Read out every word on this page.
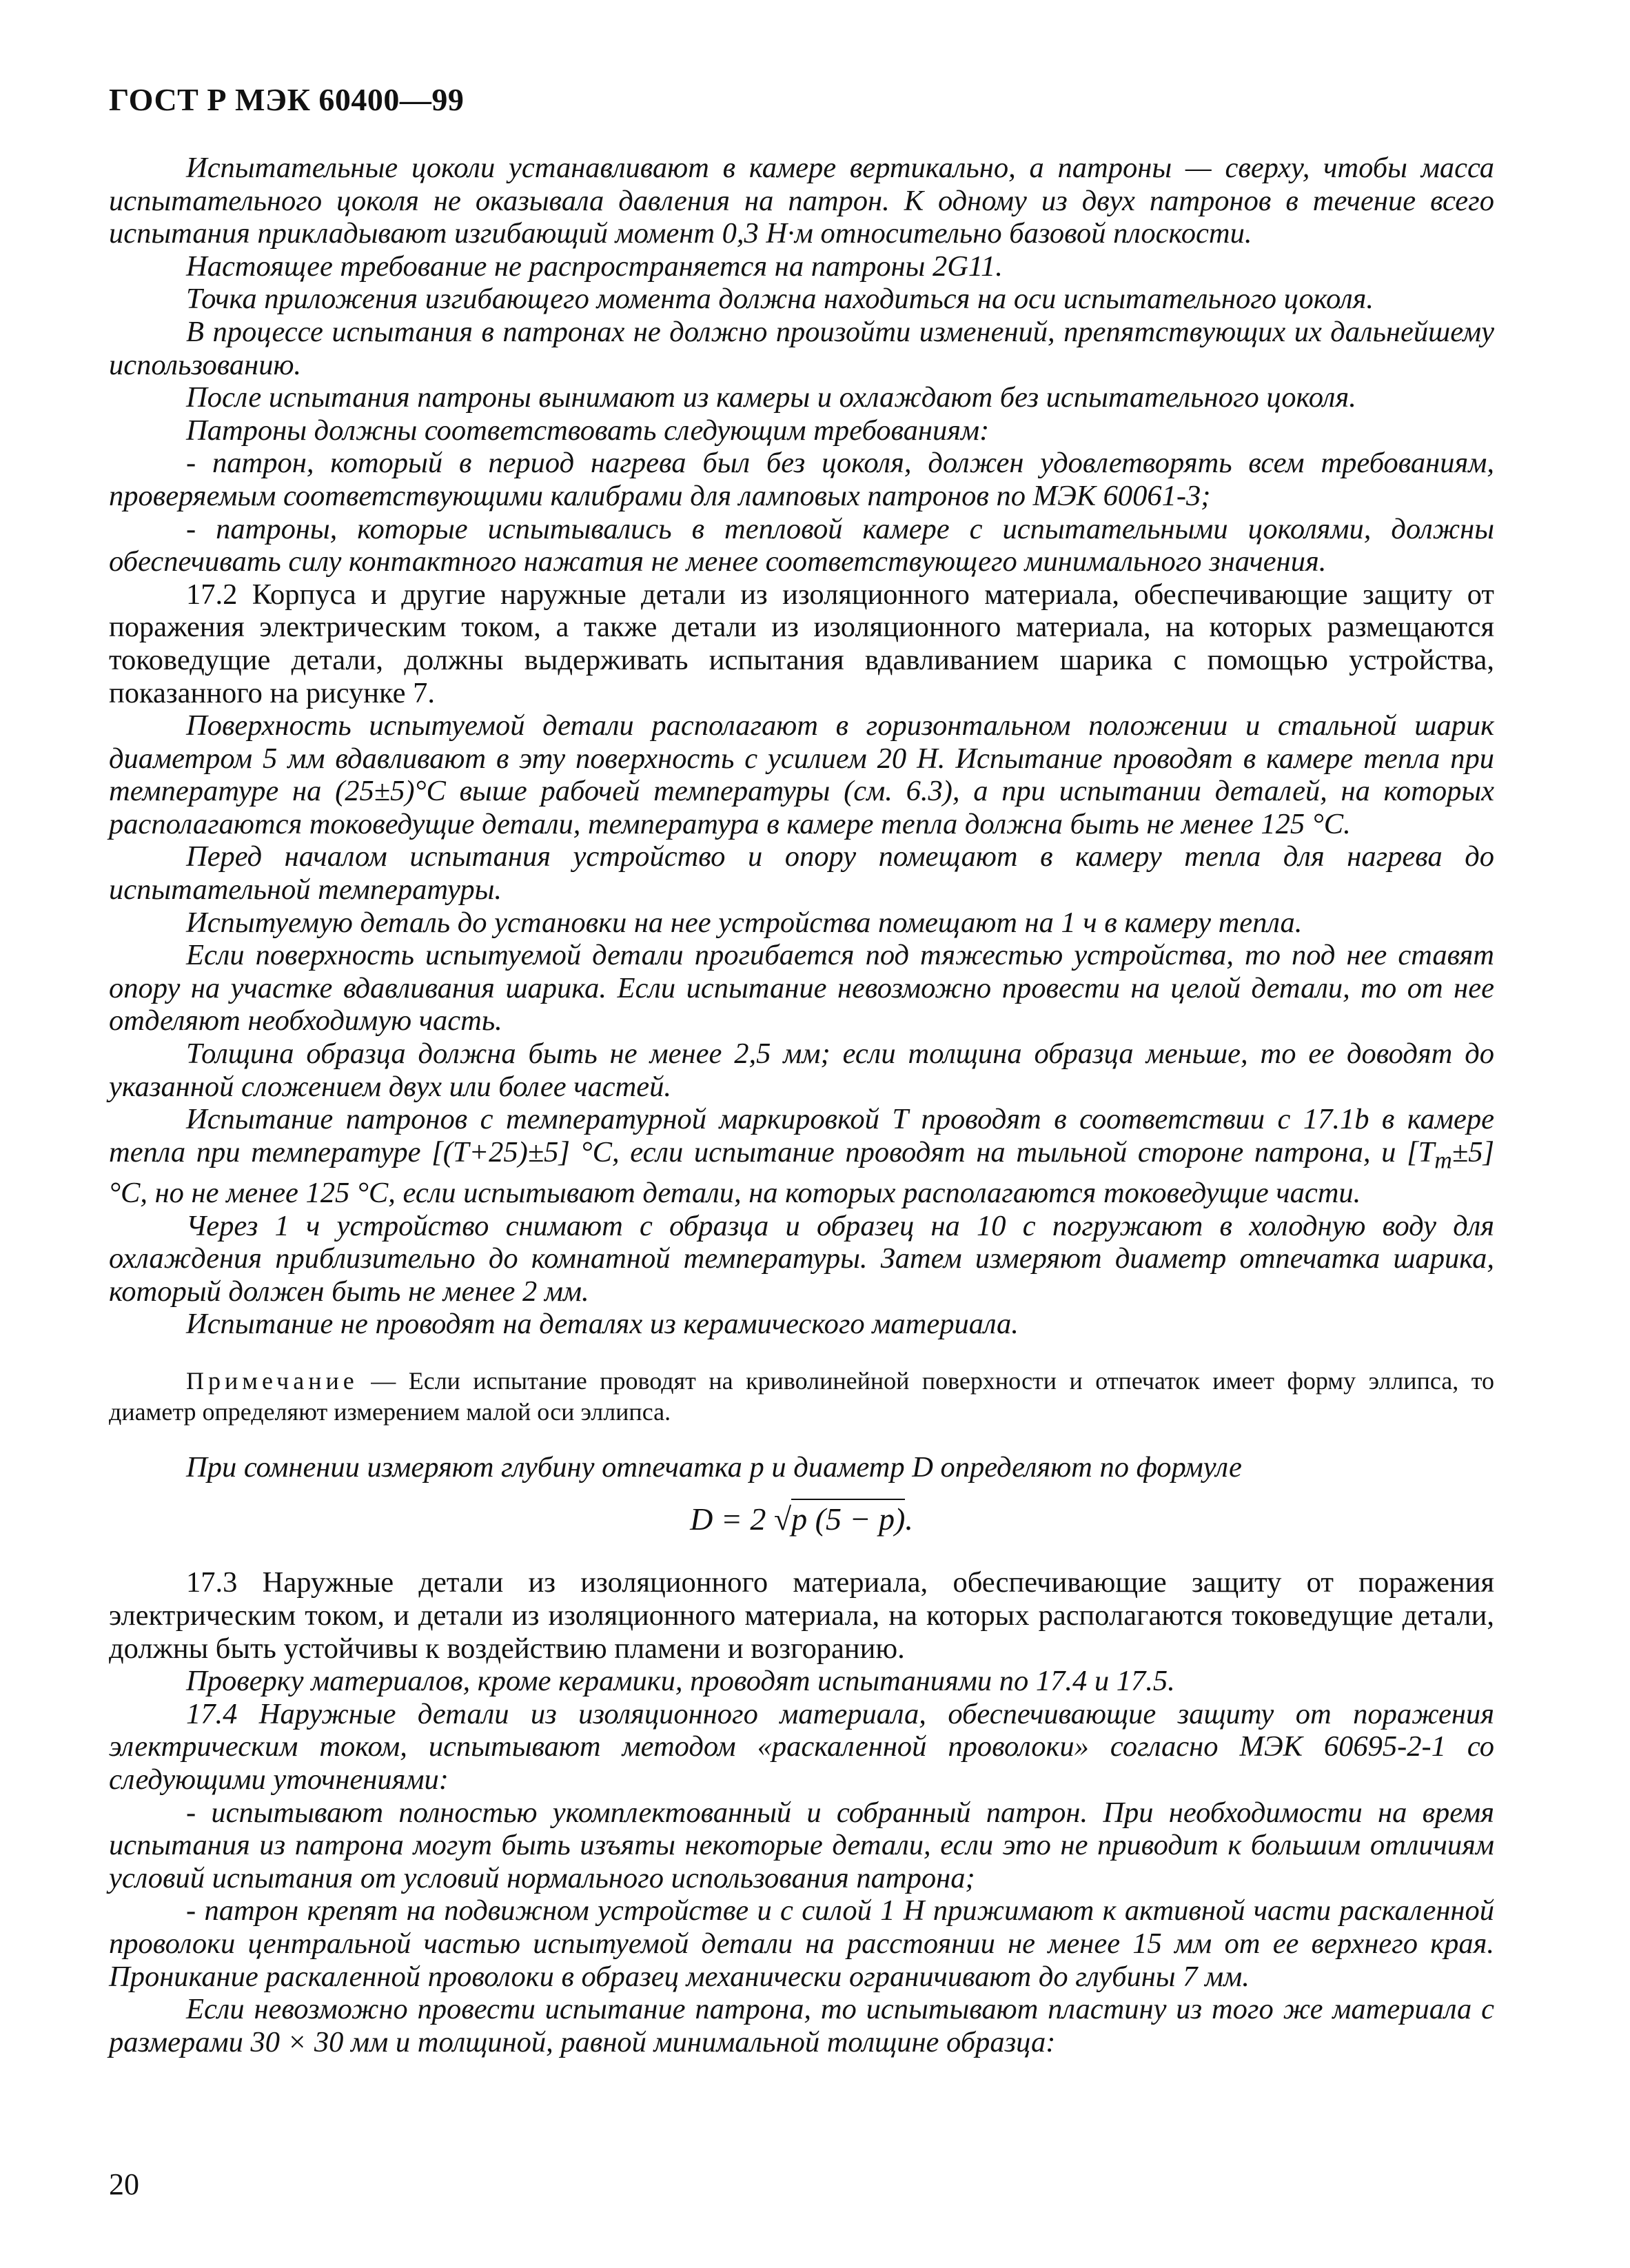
ГОСТ Р МЭК 60400—99

Испытательные цоколи устанавливают в камере вертикально, а патроны — сверху, чтобы масса испытательного цоколя не оказывала давления на патрон. К одному из двух патронов в течение всего испытания прикладывают изгибающий момент 0,3 Н·м относительно базовой плоскости.

Настоящее требование не распространяется на патроны 2G11.

Точка приложения изгибающего момента должна находиться на оси испытательного цоколя.

В процессе испытания в патронах не должно произойти изменений, препятствующих их дальнейшему использованию.

После испытания патроны вынимают из камеры и охлаждают без испытательного цоколя.

Патроны должны соответствовать следующим требованиям:

- патрон, который в период нагрева был без цоколя, должен удовлетворять всем требованиям, проверяемым соответствующими калибрами для ламповых патронов по МЭК 60061-3;

- патроны, которые испытывались в тепловой камере с испытательными цоколями, должны обеспечивать силу контактного нажатия не менее соответствующего минимального значения.

17.2 Корпуса и другие наружные детали из изоляционного материала, обеспечивающие защиту от поражения электрическим током, а также детали из изоляционного материала, на которых размещаются токоведущие детали, должны выдерживать испытания вдавливанием шарика с помощью устройства, показанного на рисунке 7.

Поверхность испытуемой детали располагают в горизонтальном положении и стальной шарик диаметром 5 мм вдавливают в эту поверхность с усилием 20 Н. Испытание проводят в камере тепла при температуре на (25±5)°С выше рабочей температуры (см. 6.3), а при испытании деталей, на которых располагаются токоведущие детали, температура в камере тепла должна быть не менее 125 °С.

Перед началом испытания устройство и опору помещают в камеру тепла для нагрева до испытательной температуры.

Испытуемую деталь до установки на нее устройства помещают на 1 ч в камеру тепла.

Если поверхность испытуемой детали прогибается под тяжестью устройства, то под нее ставят опору на участке вдавливания шарика. Если испытание невозможно провести на целой детали, то от нее отделяют необходимую часть.

Толщина образца должна быть не менее 2,5 мм; если толщина образца меньше, то ее доводят до указанной сложением двух или более частей.

Испытание патронов с температурной маркировкой Т проводят в соответствии с 17.1b в камере тепла при температуре [(Т+25)±5] °С, если испытание проводят на тыльной стороне патрона, и $[Т_m\pm 5]$ °С, но не менее 125 °С, если испытывают детали, на которых располагаются токоведущие части.

Через 1 ч устройство снимают с образца и образец на 10 с погружают в холодную воду для охлаждения приблизительно до комнатной температуры. Затем измеряют диаметр отпечатка шарика, который должен быть не менее 2 мм.

Испытание не проводят на деталях из керамического материала.

Примечание — Если испытание проводят на криволинейной поверхности и отпечаток имеет форму эллипса, то диаметр определяют измерением малой оси эллипса.

При сомнении измеряют глубину отпечатка р и диаметр D определяют по формуле

D = 2 √p (5 − p).

17.3 Наружные детали из изоляционного материала, обеспечивающие защиту от поражения электрическим током, и детали из изоляционного материала, на которых располагаются токоведущие детали, должны быть устойчивы к воздействию пламени и возгоранию.

Проверку материалов, кроме керамики, проводят испытаниями по 17.4 и 17.5.

17.4 Наружные детали из изоляционного материала, обеспечивающие защиту от поражения электрическим током, испытывают методом «раскаленной проволоки» согласно МЭК 60695-2-1 со следующими уточнениями:

- испытывают полностью укомплектованный и собранный патрон. При необходимости на время испытания из патрона могут быть изъяты некоторые детали, если это не приводит к большим отличиям условий испытания от условий нормального использования патрона;

- патрон крепят на подвижном устройстве и с силой 1 Н прижимают к активной части раскаленной проволоки центральной частью испытуемой детали на расстоянии не менее 15 мм от ее верхнего края. Проникание раскаленной проволоки в образец механически ограничивают до глубины 7 мм.

Если невозможно провести испытание патрона, то испытывают пластину из того же материала с размерами 30 × 30 мм и толщиной, равной минимальной толщине образца:

20
